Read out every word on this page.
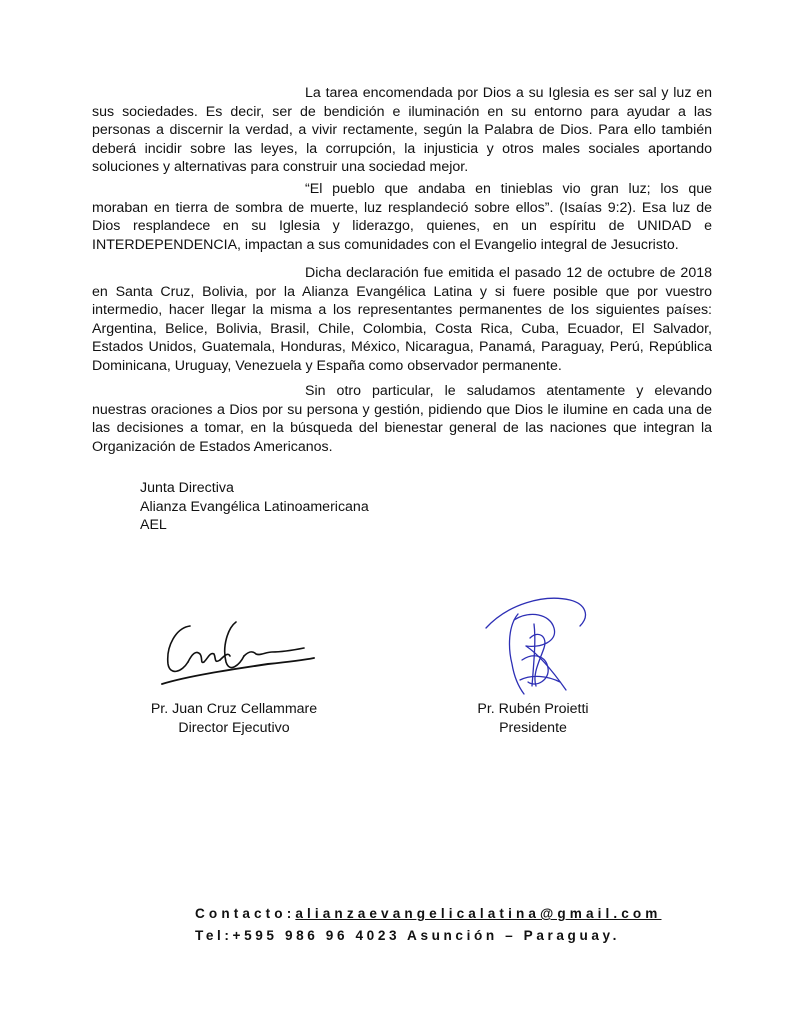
La tarea encomendada por Dios a su Iglesia es ser sal y luz en sus sociedades. Es decir, ser de bendición e iluminación en su entorno para ayudar a las personas a discernir la verdad, a vivir rectamente, según la Palabra de Dios. Para ello también deberá incidir sobre las leyes, la corrupción, la injusticia y otros males sociales aportando soluciones y alternativas para construir una sociedad mejor.

“El pueblo que andaba en tinieblas vio gran luz; los que moraban en tierra de sombra de muerte, luz resplandeció sobre ellos”. (Isaías 9:2). Esa luz de Dios resplandece en su Iglesia y liderazgo, quienes, en un espíritu de UNIDAD e INTERDEPENDENCIA, impactan a sus comunidades con el Evangelio integral de Jesucristo.

Dicha declaración fue emitida el pasado 12 de octubre de 2018 en Santa Cruz, Bolivia, por la Alianza Evangélica Latina y si fuere posible que por vuestro intermedio, hacer llegar la misma a los representantes permanentes de los siguientes países: Argentina, Belice, Bolivia, Brasil, Chile, Colombia, Costa Rica, Cuba, Ecuador, El Salvador, Estados Unidos, Guatemala, Honduras, México, Nicaragua, Panamá, Paraguay, Perú, República Dominicana, Uruguay, Venezuela y España como observador permanente.

Sin otro particular, le saludamos atentamente y elevando nuestras oraciones a Dios por su persona y gestión, pidiendo que Dios le ilumine en cada una de las decisiones a tomar, en la búsqueda del bienestar general de las naciones que integran la Organización de Estados Americanos.

Junta Directiva
Alianza Evangélica Latinoamericana
AEL
Pr. Juan Cruz Cellammare
Director Ejecutivo
Pr. Rubén Proietti
Presidente
Contacto:alianzaevangelicalatina@gmail.com
Tel:+595 986 96 4023 Asunción – Paraguay.
